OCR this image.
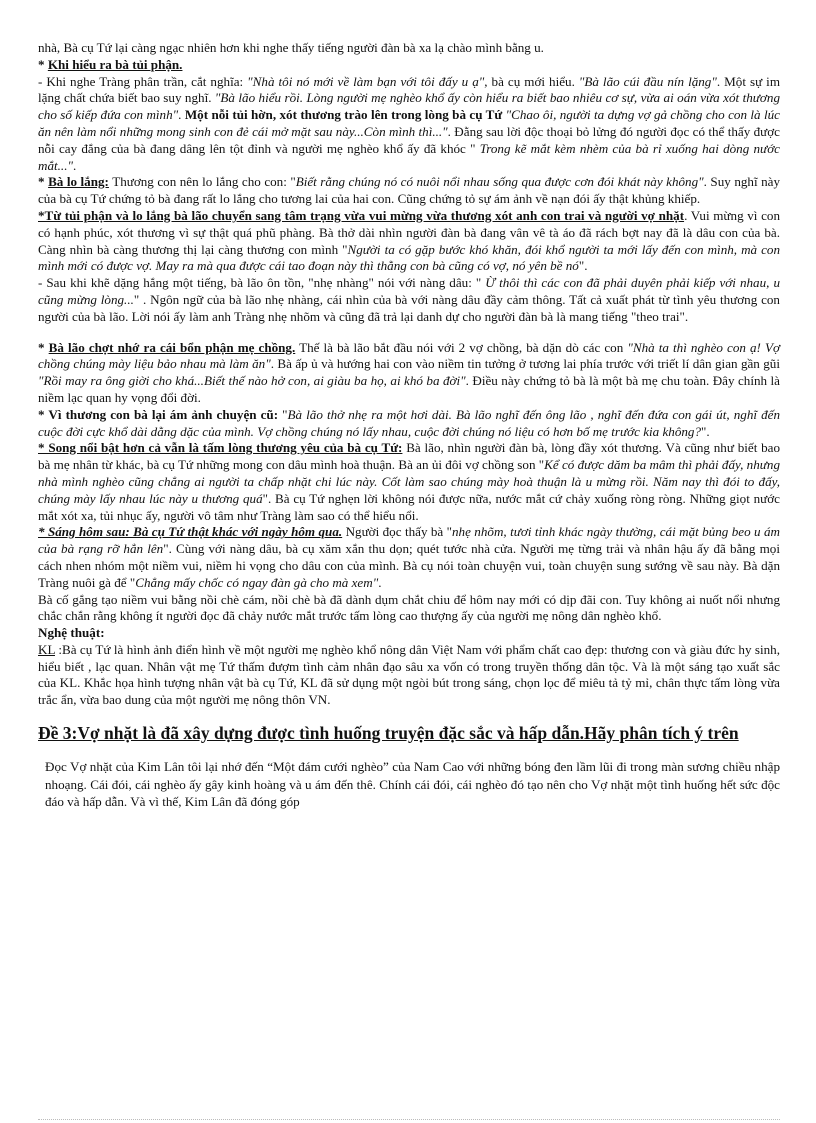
nhà, Bà cụ Tứ lại càng ngạc nhiên hơn khi nghe thấy tiếng người đàn bà xa lạ chào mình bằng u.

* Khi hiểu ra bà tủi phận.

- Khi nghe Tràng phân trần, cắt nghĩa: "Nhà tôi nó mới về làm bạn với tôi đấy u ạ", bà cụ mới hiểu. "Bà lão cúi đầu nín lặng". Một sự im lặng chất chứa biết bao suy nghĩ. "Bà lão hiểu rồi. Lòng người mẹ nghèo khổ ấy còn hiểu ra biết bao nhiêu cơ sự, vừa ai oán vừa xót thương cho số kiếp đứa con mình". Một nỗi tủi hờn, xót thương trào lên trong lòng bà cụ Tứ "Chao ôi, người ta dựng vợ gả chồng cho con là lúc ăn nên làm nổi những mong sinh con đẻ cái mở mặt sau này...Còn mình thì...". Đằng sau lời độc thoại bỏ lửng đó người đọc có thể thấy được nỗi cay đắng của bà đang dâng lên tột đỉnh và người mẹ nghèo khổ ấy đã khóc " Trong kẽ mắt kèm nhèm của bà rỉ xuống hai dòng nước mắt...".

* Bà lo lắng: Thương con nên lo lắng cho con: "Biết rằng chúng nó có nuôi nổi nhau sống qua được cơn đói khát này không". Suy nghĩ này của bà cụ Tứ chứng tỏ bà đang rất lo lắng cho tương lai của hai con. Cũng chứng tỏ sự ám ảnh về nạn đói ấy thật khủng khiếp.

*Từ tủi phận và lo lắng bà lão chuyển sang tâm trạng vừa vui mừng vừa thương xót anh con trai và người vợ nhặt. Vui mừng vì con có hạnh phúc, xót thương vì sự thật quá phũ phàng. Bà thở dài nhìn người đàn bà đang vân vê tà áo đã rách bợt nay đã là dâu con của bà. Càng nhìn bà càng thương thị lại càng thương con mình "Người ta có gặp bước khó khăn, đói khổ người ta mới lấy đến con mình, mà con mình mới có được vợ. May ra mà qua được cái tao đoạn này thì thằng con bà cũng có vợ, nó yên bề nó".

- Sau khi khẽ dặng hắng một tiếng, bà lão ôn tồn, "nhẹ nhàng" nói với nàng dâu: " Ừ thôi thì các con đã phải duyên phải kiếp với nhau, u cũng mừng lòng..." . Ngôn ngữ của bà lão nhẹ nhàng, cái nhìn của bà với nàng dâu đầy cảm thông. Tất cả xuất phát từ tình yêu thương con người của bà lão. Lời nói ấy làm anh Tràng nhẹ nhõm và cũng đã trả lại danh dự cho người đàn bà là mang tiếng "theo trai".

* Bà lão chợt nhớ ra cái bổn phận mẹ chồng. Thế là bà lão bắt đầu nói với 2 vợ chồng, bà dặn dò các con "Nhà ta thì nghèo con ạ! Vợ chồng chúng mày liệu bảo nhau mà làm ăn". Bà ấp ủ và hướng hai con vào niềm tin tưởng ở tương lai phía trước với triết lí dân gian gần gũi "Rồi may ra ông giời cho khá...Biết thế nào hở con, ai giàu ba họ, ai khó ba đời". Điều này chứng tỏ bà là một bà mẹ chu toàn. Đây chính là niềm lạc quan hy vọng đổi đời.

* Vì thương con bà lại ám ảnh chuyện cũ: "Bà lão thở nhẹ ra một hơi dài. Bà lão nghĩ đến ông lão , nghĩ đến đứa con gái út, nghĩ đến cuộc đời cực khổ dài dằng dặc của mình. Vợ chồng chúng nó lấy nhau, cuộc đời chúng nó liệu có hơn bố mẹ trước kia không?".

* Song nổi bật hơn cả vẫn là tấm lòng thương yêu của bà cụ Tứ: Bà lão, nhìn người đàn bà, lòng đầy xót thương. Và cũng như biết bao bà mẹ nhân từ khác, bà cụ Tứ những mong con dâu mình hoà thuận. Bà an ủi đôi vợ chồng son "Kể có được dăm ba mâm thì phải đấy, nhưng nhà mình nghèo cũng chẳng ai người ta chấp nhặt chi lúc này. Cốt làm sao chúng mày hoà thuận là u mừng rồi. Năm nay thì đói to đấy, chúng mày lấy nhau lúc này u thương quá". Bà cụ Tứ nghẹn lời không nói được nữa, nước mắt cứ chảy xuống ròng ròng. Những giọt nước mắt xót xa, tủi nhục ấy, người vô tâm như Tràng làm sao có thể hiểu nổi.

* Sáng hôm sau: Bà cụ Tứ thật khác với ngày hôm qua. Người đọc thấy bà "nhẹ nhõm, tươi tỉnh khác ngày thường, cái mặt bủng beo u ám của bà rạng rỡ hẳn lên". Cùng với nàng dâu, bà cụ xăm xắn thu dọn; quét tước nhà cửa. Người mẹ từng trải và nhân hậu ấy đã bằng mọi cách nhen nhóm một niềm vui, niềm hi vọng cho dâu con của mình. Bà cụ nói toàn chuyện vui, toàn chuyện sung sướng về sau này. Bà dặn Tràng nuôi gà để "Chẳng mấy chốc có ngay đàn gà cho mà xem".

Bà cố gắng tạo niềm vui bằng nồi chè cám, nồi chè bà đã dành dụm chắt chiu để hôm nay mới có dịp đãi con. Tuy không ai nuốt nổi nhưng chắc chắn rằng không ít người đọc đã chảy nước mắt trước tấm lòng cao thượng ấy của người mẹ nông dân nghèo khổ.

Nghệ thuật:

KL :Bà cụ Tứ là hình ảnh điển hình về một người mẹ nghèo khổ nông dân Việt Nam với phẩm chất cao đẹp: thương con và giàu đức hy sinh, hiểu biết , lạc quan. Nhân vật mẹ Tứ thấm đượm tình cảm nhân đạo sâu xa vốn có trong truyền thống dân tộc. Và là một sáng tạo xuất sắc của KL. Khắc họa hình tượng nhân vật bà cụ Tứ, KL đã sử dụng một ngòi bút trong sáng, chọn lọc để miêu tả tỷ mỉ, chân thực tấm lòng vừa trắc ẩn, vừa bao dung của một người mẹ nông thôn VN.

Đề 3:Vợ nhặt là đã xây dựng được tình huống truyện đặc sắc và hấp dẫn.Hãy phân tích ý trên

Đọc Vợ nhặt của Kim Lân tôi lại nhớ đến “Một đám cưới nghèo” của Nam Cao với những bóng đen lầm lũi đi trong màn sương chiều nhập nhoạng. Cái đói, cái nghèo ấy gây kinh hoàng và u ám đến thê. Chính cái đói, cái nghèo đó tạo nên cho Vợ nhặt một tình huống hết sức độc đáo và hấp dẫn. Và vì thế, Kim Lân đã đóng góp
